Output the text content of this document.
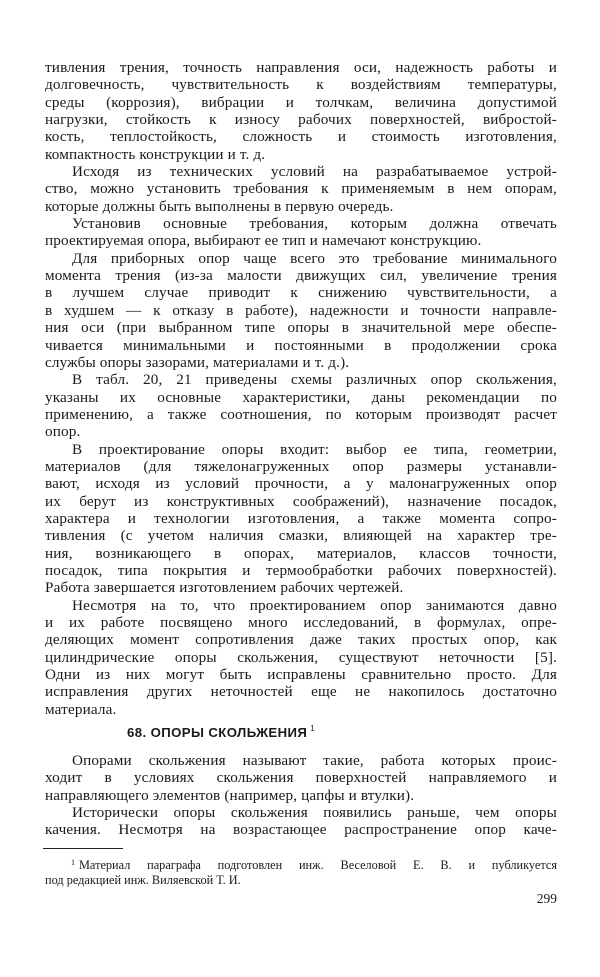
тивления трения, точность направления оси, надежность работы и
долговечность, чувствительность к воздействиям температуры,
среды (коррозия), вибрации и толчкам, величина допустимой
нагрузки, стойкость к износу рабочих поверхностей, вибростой-
кость, теплостойкость, сложность и стоимость изготовления,
компактность конструкции и т. д.

Исходя из технических условий на разрабатываемое устрой-
ство, можно установить требования к применяемым в нем опорам,
которые должны быть выполнены в первую очередь.

Установив основные требования, которым должна отвечать
проектируемая опора, выбирают ее тип и намечают конструкцию.

Для приборных опор чаще всего это требование минимального
момента трения (из-за малости движущих сил, увеличение трения
в лучшем случае приводит к снижению чувствительности, а
в худшем — к отказу в работе), надежности и точности направле-
ния оси (при выбранном типе опоры в значительной мере обеспе-
чивается минимальными и постоянными в продолжении срока
службы опоры зазорами, материалами и т. д.).

В табл. 20, 21 приведены схемы различных опор скольжения,
указаны их основные характеристики, даны рекомендации по
применению, а также соотношения, по которым производят расчет
опор.

В проектирование опоры входит: выбор ее типа, геометрии,
материалов (для тяжелонагруженных опор размеры устанавли-
вают, исходя из условий прочности, а у малонагруженных опор
их берут из конструктивных соображений), назначение посадок,
характера и технологии изготовления, а также момента сопро-
тивления (с учетом наличия смазки, влияющей на характер тре-
ния, возникающего в опорах, материалов, классов точности,
посадок, типа покрытия и термообработки рабочих поверхностей).
Работа завершается изготовлением рабочих чертежей.

Несмотря на то, что проектированием опор занимаются давно
и их работе посвящено много исследований, в формулах, опре-
деляющих момент сопротивления даже таких простых опор, как
цилиндрические опоры скольжения, существуют неточности [5].
Одни из них могут быть исправлены сравнительно просто. Для
исправления других неточностей еще не накопилось достаточно
материала.

68. ОПОРЫ СКОЛЬЖЕНИЯ $^1$

Опорами скольжения называют такие, работа которых проис-
ходит в условиях скольжения поверхностей направляемого и
направляющего элементов (например, цапфы и втулки).

Исторически опоры скольжения появились раньше, чем опоры
качения. Несмотря на возрастающее распространение опор каче-

$^1$ Материал параграфа подготовлен инж. Веселовой Е. В. и публикуется
под редакцией инж. Виляевской Т. И.
299
